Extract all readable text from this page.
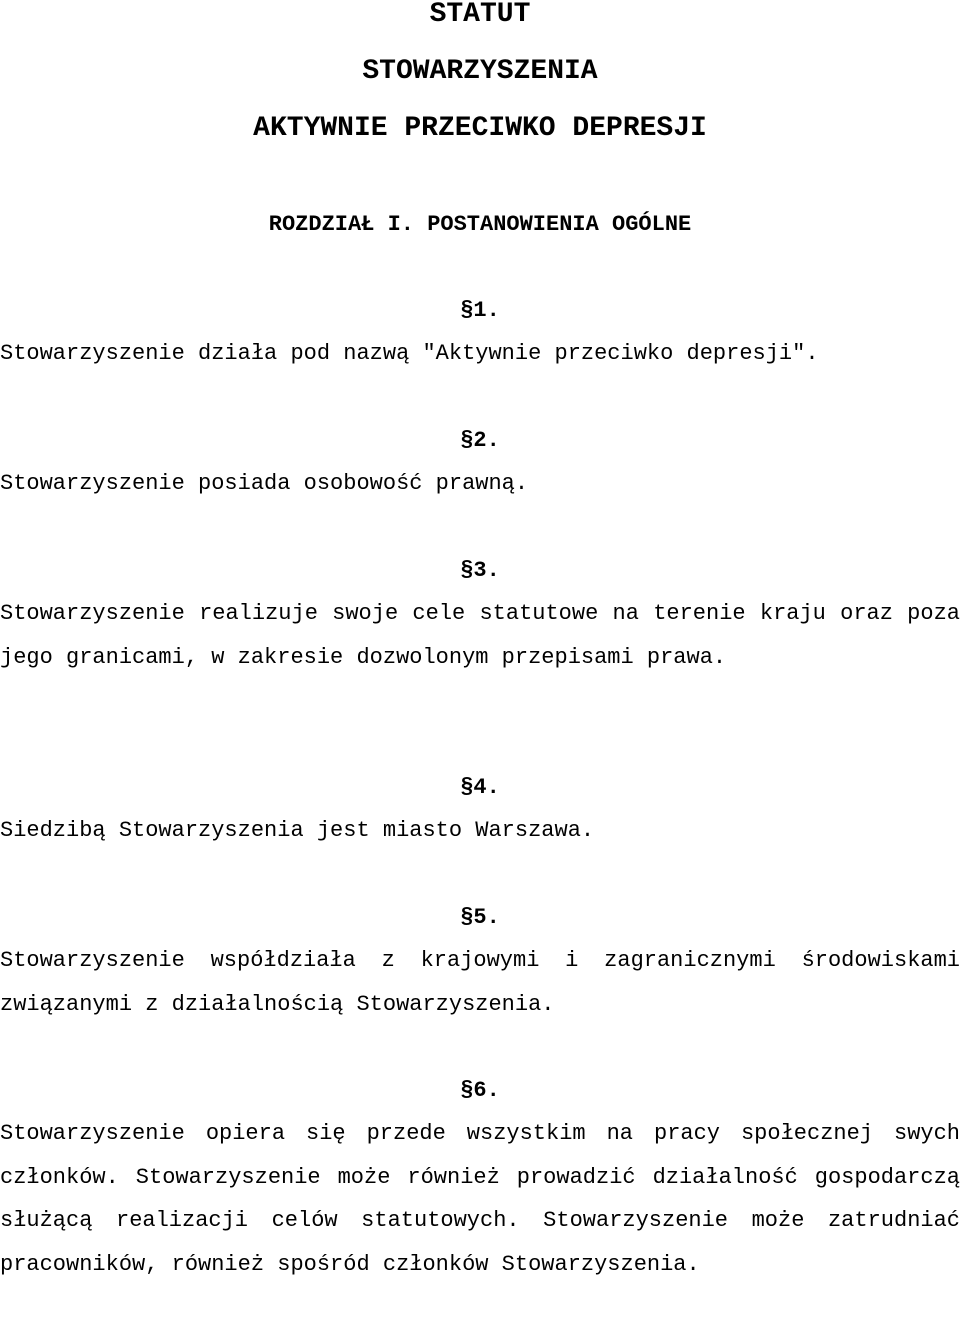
STATUT
STOWARZYSZENIA
AKTYWNIE PRZECIWKO DEPRESJI
ROZDZIAŁ I. POSTANOWIENIA OGÓLNE
§1.

Stowarzyszenie działa pod nazwą "Aktywnie przeciwko depresji".

§2.

Stowarzyszenie posiada osobowość prawną.

§3.

Stowarzyszenie realizuje swoje cele statutowe na terenie kraju oraz poza jego granicami, w zakresie dozwolonym przepisami prawa.

§4.

Siedzibą Stowarzyszenia jest miasto Warszawa.

§5.

Stowarzyszenie współdziała z krajowymi i zagranicznymi środowiskami związanymi z działalnością Stowarzyszenia.

§6.

Stowarzyszenie opiera się przede wszystkim na pracy społecznej swych członków. Stowarzyszenie może również prowadzić działalność gospodarczą służącą realizacji celów statutowych. Stowarzyszenie może zatrudniać pracowników, również spośród członków Stowarzyszenia.
